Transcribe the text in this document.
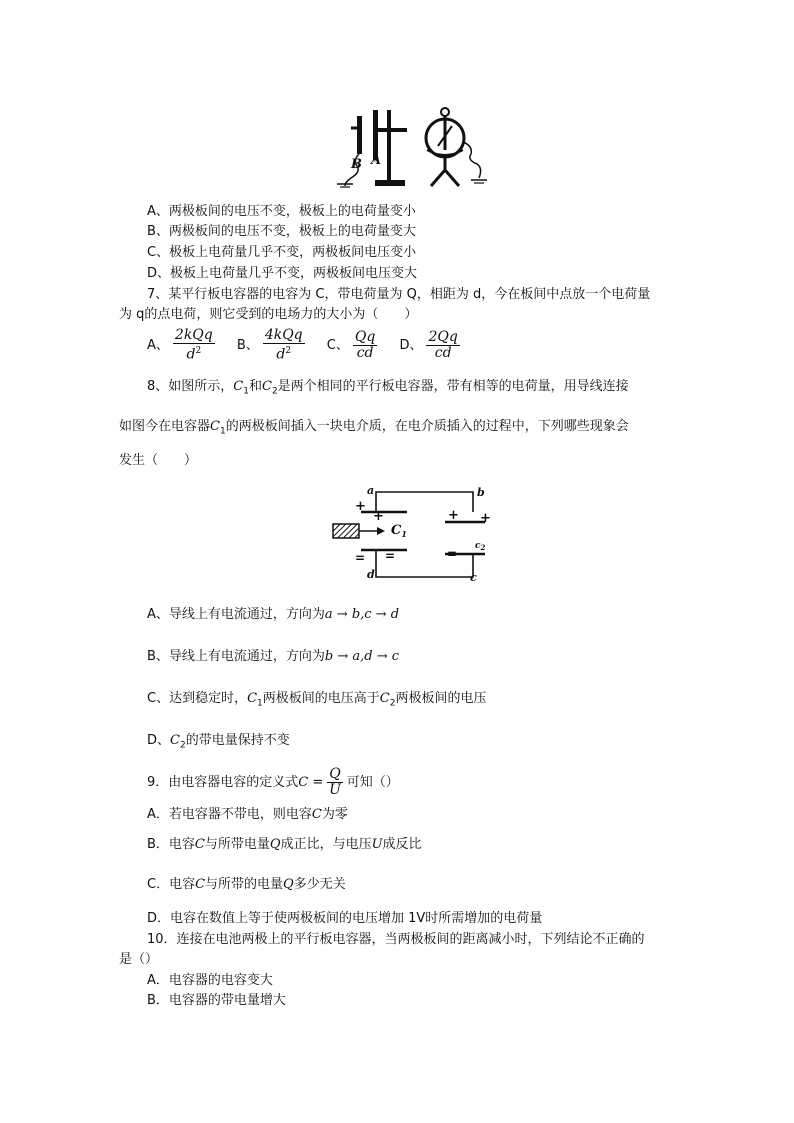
B A
A、两极板间的电压不变，极板上的电荷量变小
B、两极板间的电压不变，极板上的电荷量变大
C、极板上电荷量几乎不变，两极板间电压变小
D、极板上电荷量几乎不变，两极板间电压变大
7、某平行板电容器的电容为 C，带电荷量为 Q，相距为 d，今在板间中点放一个电荷量
为 q的点电荷，则它受到的电场力的大小为（　　）
A、 $\frac{\text{2kQq}}{d^2}$ B、 $\frac{\text{4kQq}}{d^2}$ C、 $\frac{Qq}{cd}$ D、 $\frac{2Qq}{cd}$
8、如图所示，$C_1$和$C_2$是两个相同的平行板电容器，带有相等的电荷量，用导线连接
如图今在电容器$C_1$的两极板间插入一块电介质，在电介质插入的过程中，下列哪些现象会
发生（　　）
a	b
d	c
$C_1$
$c_2$
+
+
= =
+ +
=
A、导线上有电流通过，方向为a → b,c → d
B、导线上有电流通过，方向为b → a,d → c
C、达到稳定时，$C_1$两极板间的电压高于$C_2$两极板间的电压
D、$C_2$的带电量保持不变
9．由电容器电容的定义式$C = \frac{Q}{U}$ 可知（）
A．若电容器不带电，则电容C为零
B．电容C与所带电量Q成正比，与电压U成反比
C．电容C与所带的电量Q多少无关
D．电容在数值上等于使两极板间的电压增加 1V时所需增加的电荷量
10．连接在电池两极上的平行板电容器，当两极板间的距离减小时，下列结论不正确的
是（）
A．电容器的电容变大
B．电容器的带电量增大
